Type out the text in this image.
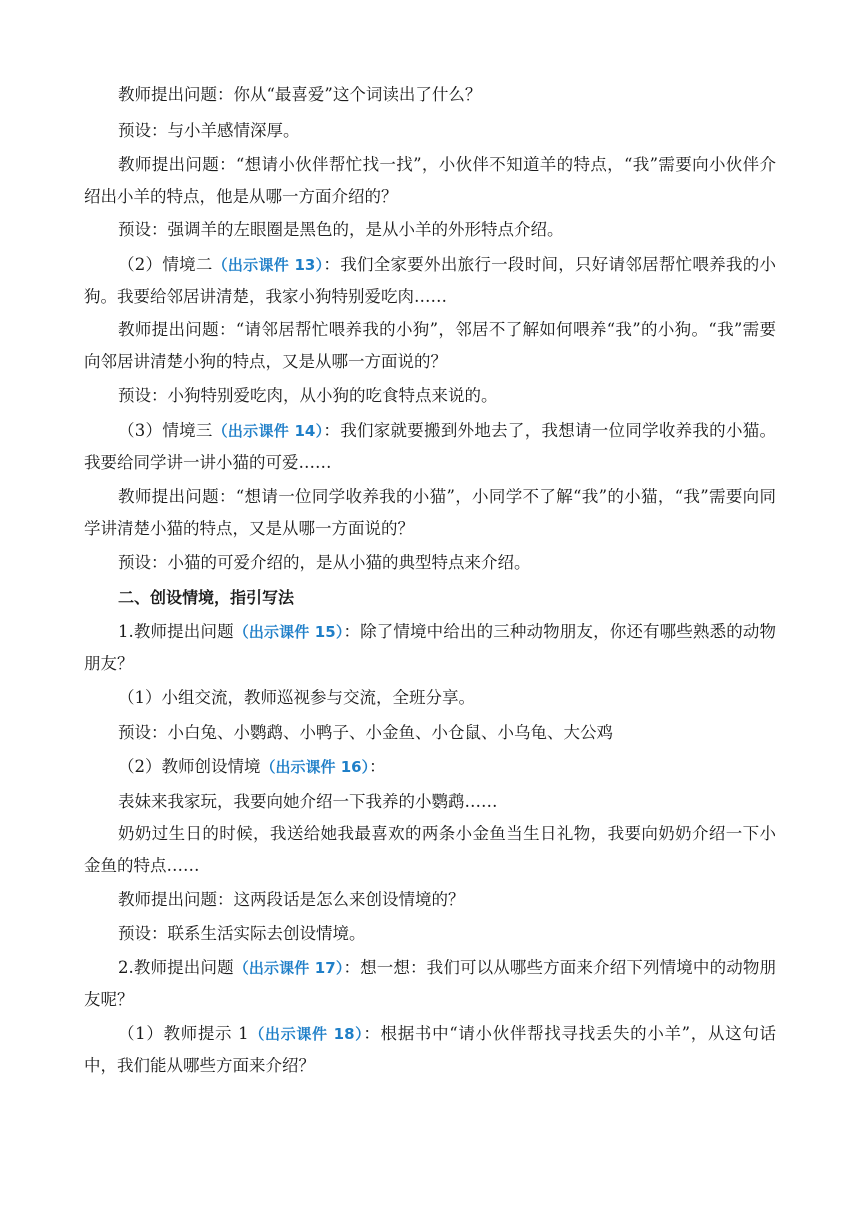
教师提出问题：你从“最喜爱”这个词读出了什么？

预设：与小羊感情深厚。

教师提出问题：“想请小伙伴帮忙找一找”，小伙伴不知道羊的特点，“我”需要向小伙伴介绍出小羊的特点，他是从哪一方面介绍的？

预设：强调羊的左眼圈是黑色的，是从小羊的外形特点介绍。

（2）情境二（出示课件 13）：我们全家要外出旅行一段时间，只好请邻居帮忙喂养我的小狗。我要给邻居讲清楚，我家小狗特别爱吃肉……

教师提出问题：“请邻居帮忙喂养我的小狗”，邻居不了解如何喂养“我”的小狗。“我”需要向邻居讲清楚小狗的特点，又是从哪一方面说的？

预设：小狗特别爱吃肉，从小狗的吃食特点来说的。

（3）情境三（出示课件 14）：我们家就要搬到外地去了，我想请一位同学收养我的小猫。我要给同学讲一讲小猫的可爱……

教师提出问题：“想请一位同学收养我的小猫”，小同学不了解“我”的小猫，“我”需要向同学讲清楚小猫的特点，又是从哪一方面说的？

预设：小猫的可爱介绍的，是从小猫的典型特点来介绍。

二、创设情境，指引写法

1.教师提出问题（出示课件 15）：除了情境中给出的三种动物朋友，你还有哪些熟悉的动物朋友？

（1）小组交流，教师巡视参与交流，全班分享。

预设：小白兔、小鹦鹉、小鸭子、小金鱼、小仓鼠、小乌龟、大公鸡

（2）教师创设情境（出示课件 16）：

表妹来我家玩，我要向她介绍一下我养的小鹦鹉……

奶奶过生日的时候，我送给她我最喜欢的两条小金鱼当生日礼物，我要向奶奶介绍一下小金鱼的特点……

教师提出问题：这两段话是怎么来创设情境的？

预设：联系生活实际去创设情境。

2.教师提出问题（出示课件 17）：想一想：我们可以从哪些方面来介绍下列情境中的动物朋友呢？

（1）教师提示 1（出示课件 18）：根据书中“请小伙伴帮找寻找丢失的小羊”，从这句话中，我们能从哪些方面来介绍？
